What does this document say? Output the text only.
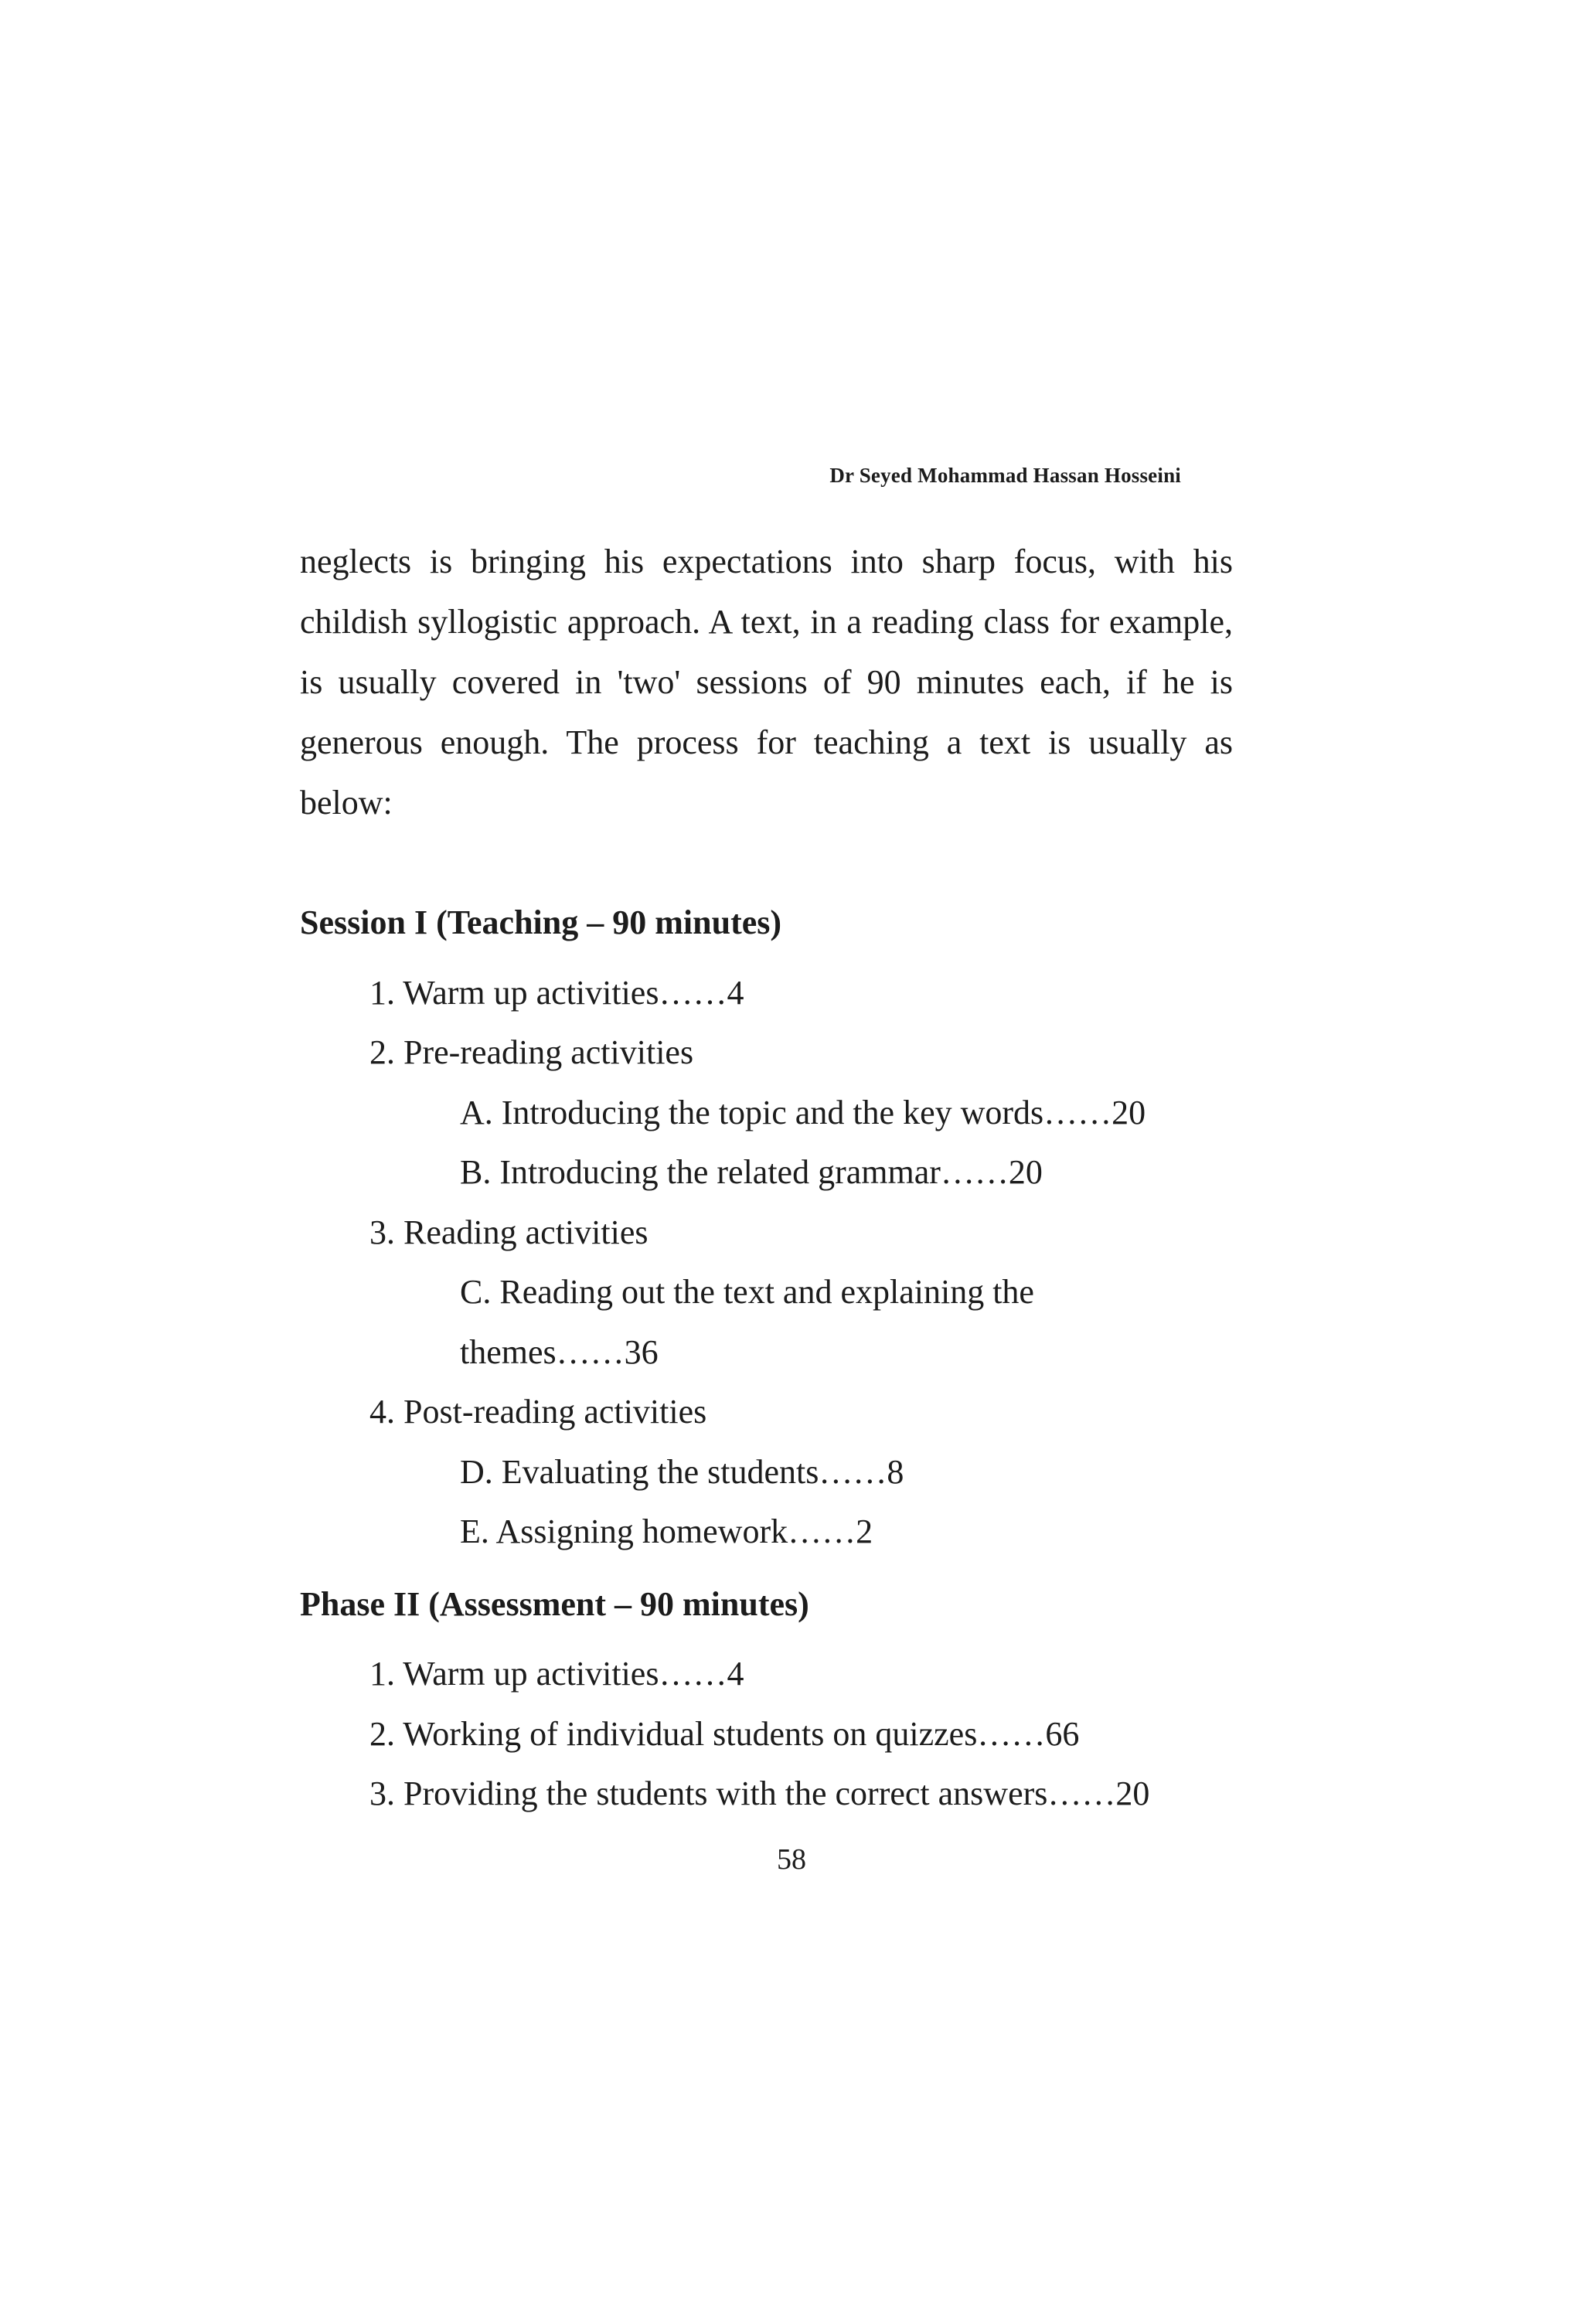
Dr Seyed Mohammad Hassan Hosseini

neglects is bringing his expectations into sharp focus, with his childish syllogistic approach. A text, in a reading class for example, is usually covered in 'two' sessions of 90 minutes each, if he is generous enough. The process for teaching a text is usually as below:

Session I (Teaching – 90 minutes)

1. Warm up activities……4

2. Pre-reading activities

A. Introducing the topic and the key words……20

B. Introducing the related grammar……20

3. Reading activities

C. Reading out the text and explaining the

themes……36

4. Post-reading activities

D. Evaluating the students……8

E. Assigning homework……2

Phase II (Assessment – 90 minutes)

1. Warm up activities……4

2. Working of individual students on quizzes……66

3. Providing the students with the correct answers……20

58
